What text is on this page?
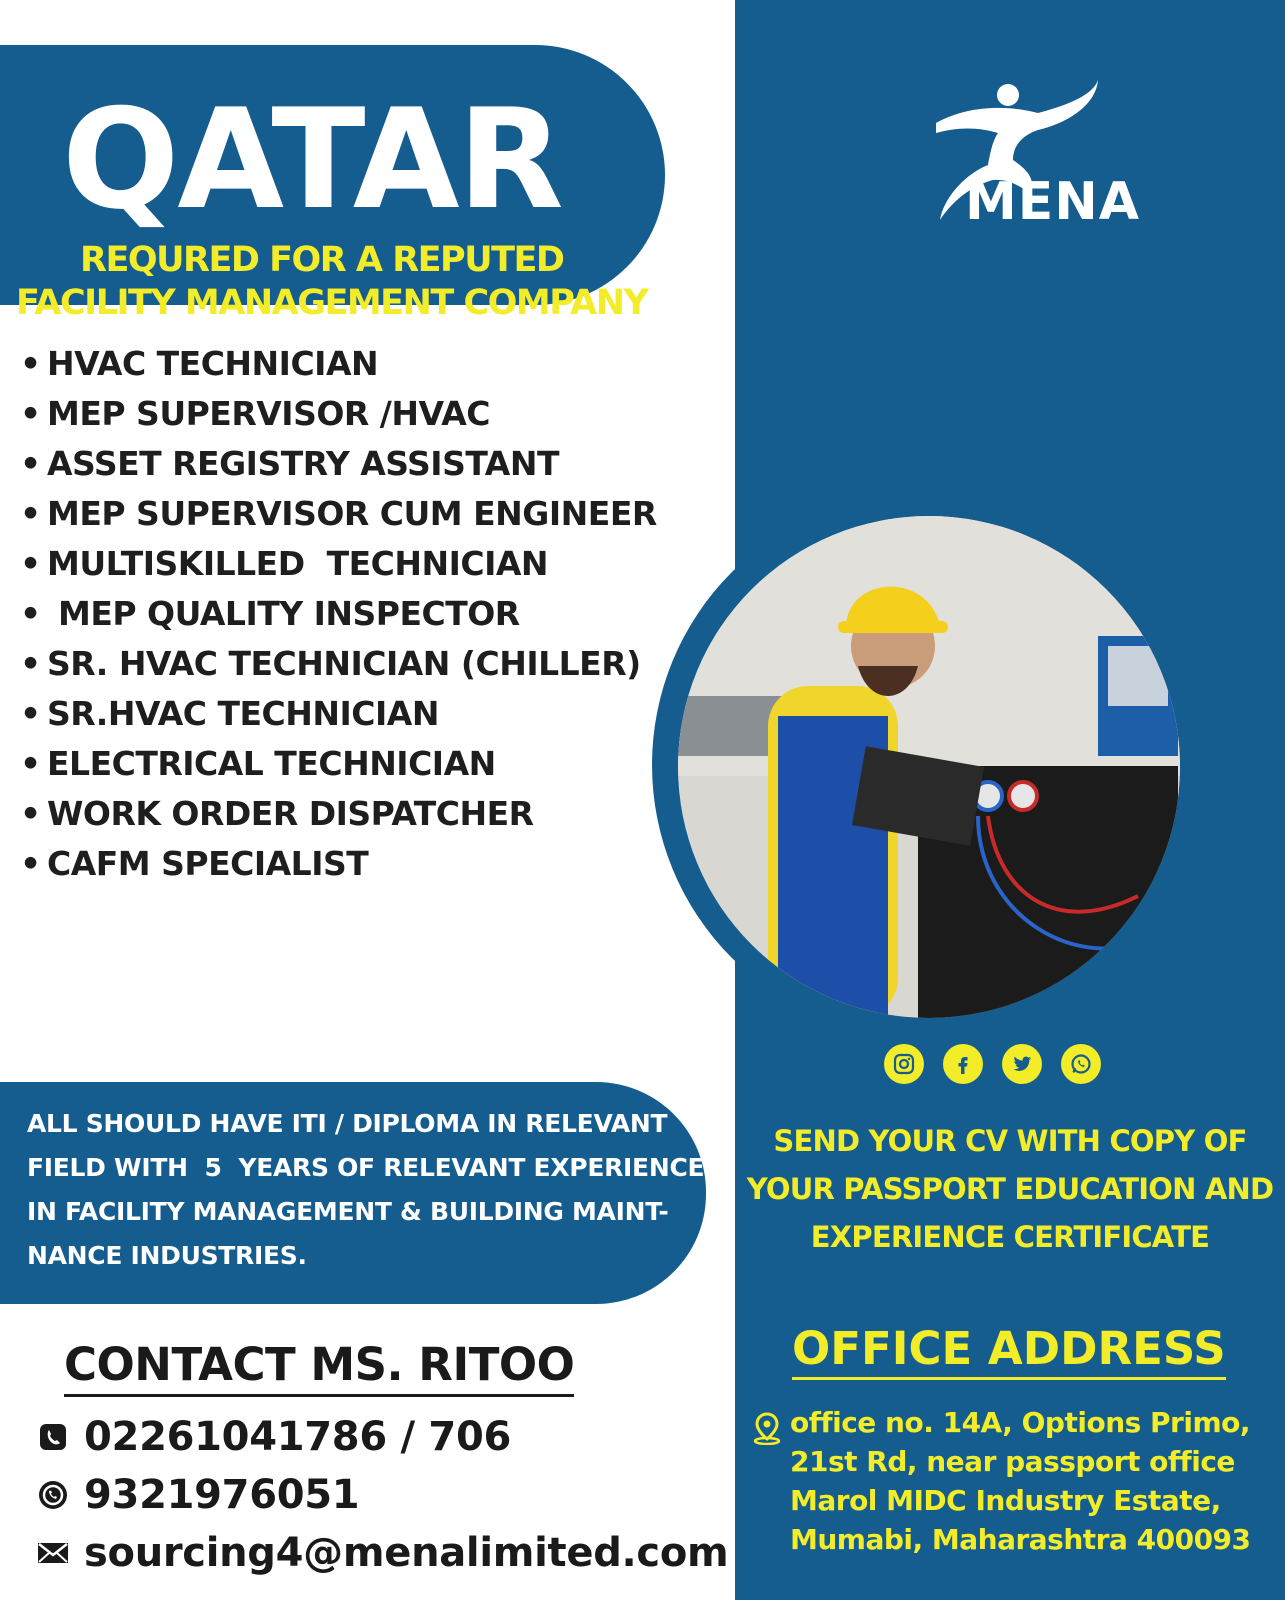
QATAR
REQURED FOR A REPUTED
FACILITY MANAGEMENT COMPANY
• HVAC TECHNICIAN
• MEP SUPERVISOR /HVAC
• ASSET REGISTRY ASSISTANT
• MEP SUPERVISOR CUM ENGINEER
• MULTISKILLED  TECHNICIAN
• MEP QUALITY INSPECTOR
• SR. HVAC TECHNICIAN (CHILLER)
• SR.HVAC TECHNICIAN
• ELECTRICAL TECHNICIAN
• WORK ORDER DISPATCHER
• CAFM SPECIALIST

ALL SHOULD HAVE ITI / DIPLOMA IN RELEVANT
FIELD WITH  5  YEARS OF RELEVANT EXPERIENCE
IN FACILITY MANAGEMENT & BUILDING MAINT-
NANCE INDUSTRIES.

CONTACT MS. RITOO
02261041786 / 706
9321976051
sourcing4@menalimited.com
MENA

SEND YOUR CV WITH COPY OF
YOUR PASSPORT EDUCATION AND
EXPERIENCE CERTIFICATE

OFFICE ADDRESS

office no. 14A, Options Primo,
21st Rd, near passport office
Marol MIDC Industry Estate,
Mumabi, Maharashtra 400093
